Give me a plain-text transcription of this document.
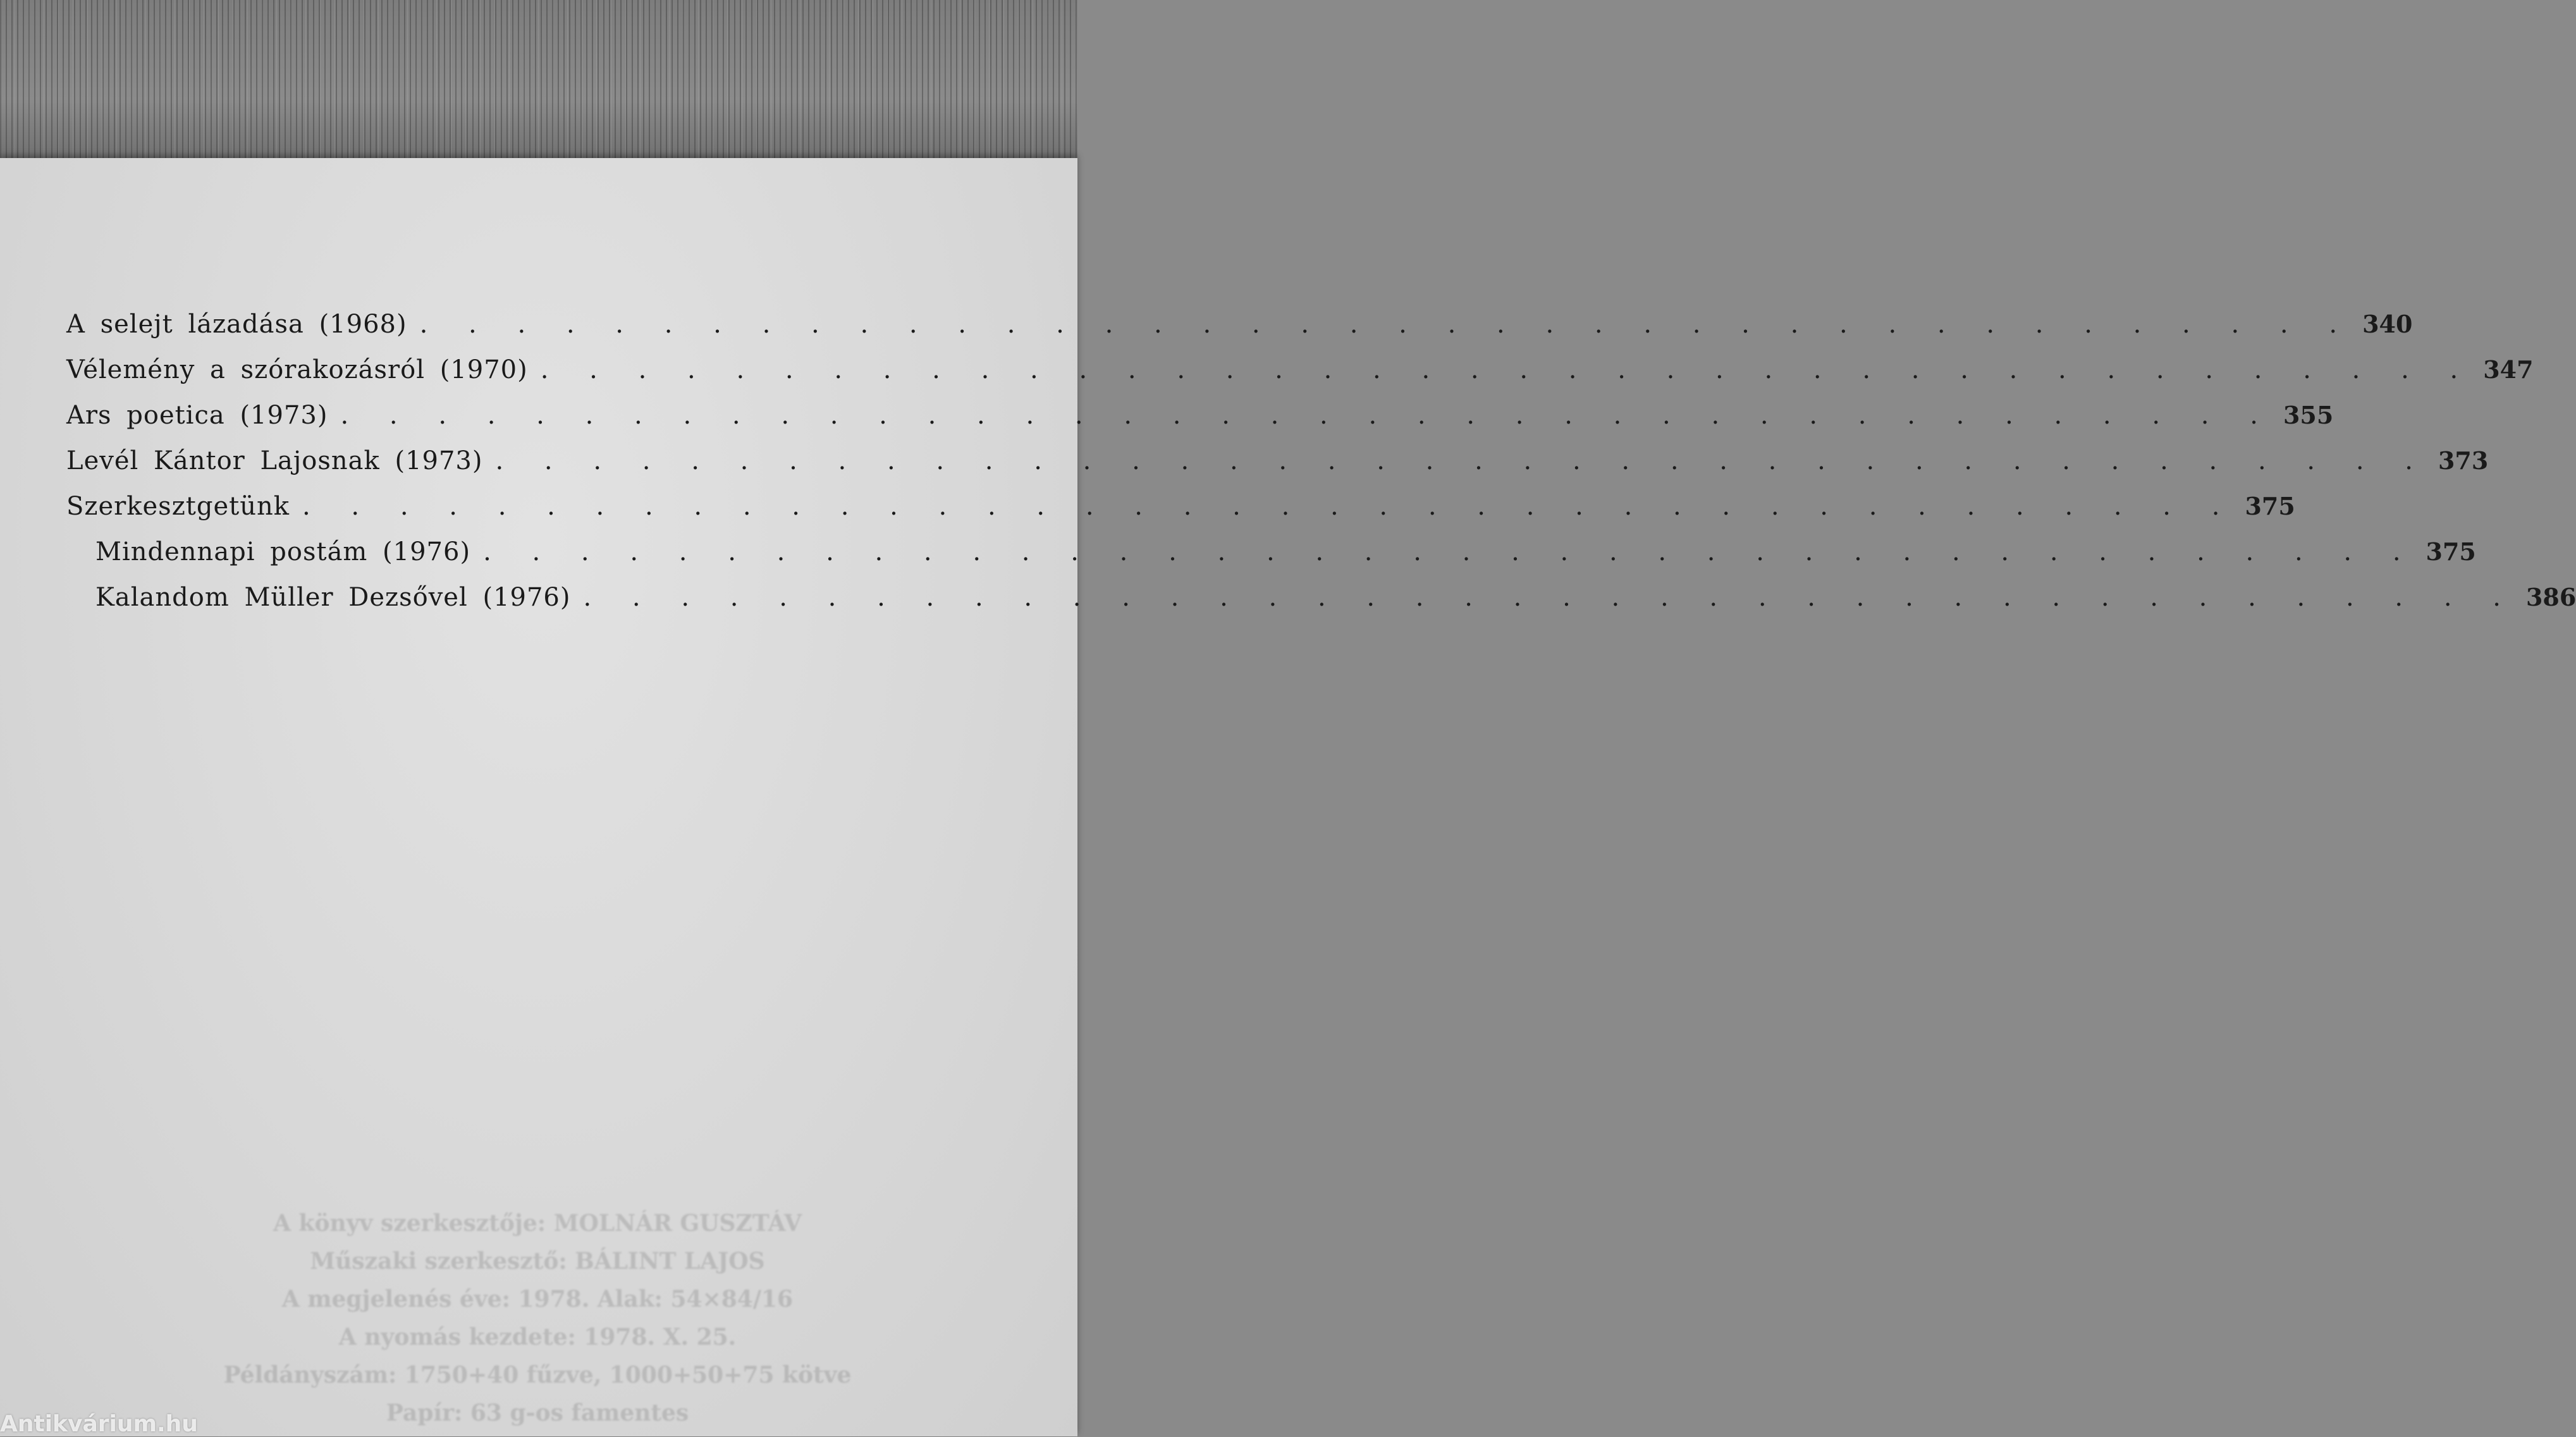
A selejt lázadása (1968) . . . . . . . . . . . . . . . . . . . . . . . . . . . . . . . . . . . . . . . . 340
Vélemény a szórakozásról (1970) . . . . . . . . . . . . . . . . . . . . . . . . . . . . . . . . . . . . . . . . 347
Ars poetica (1973) . . . . . . . . . . . . . . . . . . . . . . . . . . . . . . . . . . . . . . . . 355
Levél Kántor Lajosnak (1973) . . . . . . . . . . . . . . . . . . . . . . . . . . . . . . . . . . . . . . . . 373
Szerkesztgetünk . . . . . . . . . . . . . . . . . . . . . . . . . . . . . . . . . . . . . . . . 375
Mindennapi postám (1976) . . . . . . . . . . . . . . . . . . . . . . . . . . . . . . . . . . . . . . . . 375
Kalandom Müller Dezsővel (1976) . . . . . . . . . . . . . . . . . . . . . . . . . . . . . . . . . . . . . . . . 386
A könyv szerkesztője: MOLNÁR GUSZTÁV
Műszaki szerkesztő: BÁLINT LAJOS
A megjelenés éve: 1978. Alak: 54×84/16
A nyomás kezdete: 1978. X. 25.
Példányszám: 1750+40 fűzve, 1000+50+75 kötve
Papír: 63 g-os famentes
Antikvárium.hu
